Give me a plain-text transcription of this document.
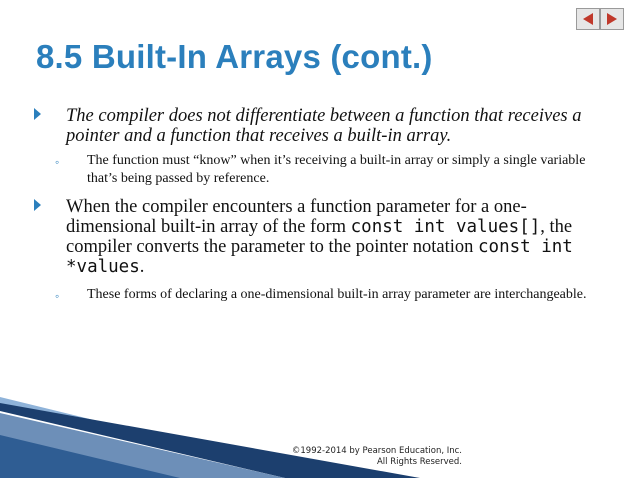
8.5 Built-In Arrays (cont.)

The compiler does not differentiate between a function that receives a pointer and a function that receives a built-in array.

◦ The function must “know” when it’s receiving a built-in array or simply a single variable that’s being passed by reference.

When the compiler encounters a function parameter for a one-dimensional built-in array of the form const int values[], the compiler converts the parameter to the pointer notation const int *values.

◦ These forms of declaring a one-dimensional built-in array parameter are interchangeable.

©1992-2014 by Pearson Education, Inc.
All Rights Reserved.
